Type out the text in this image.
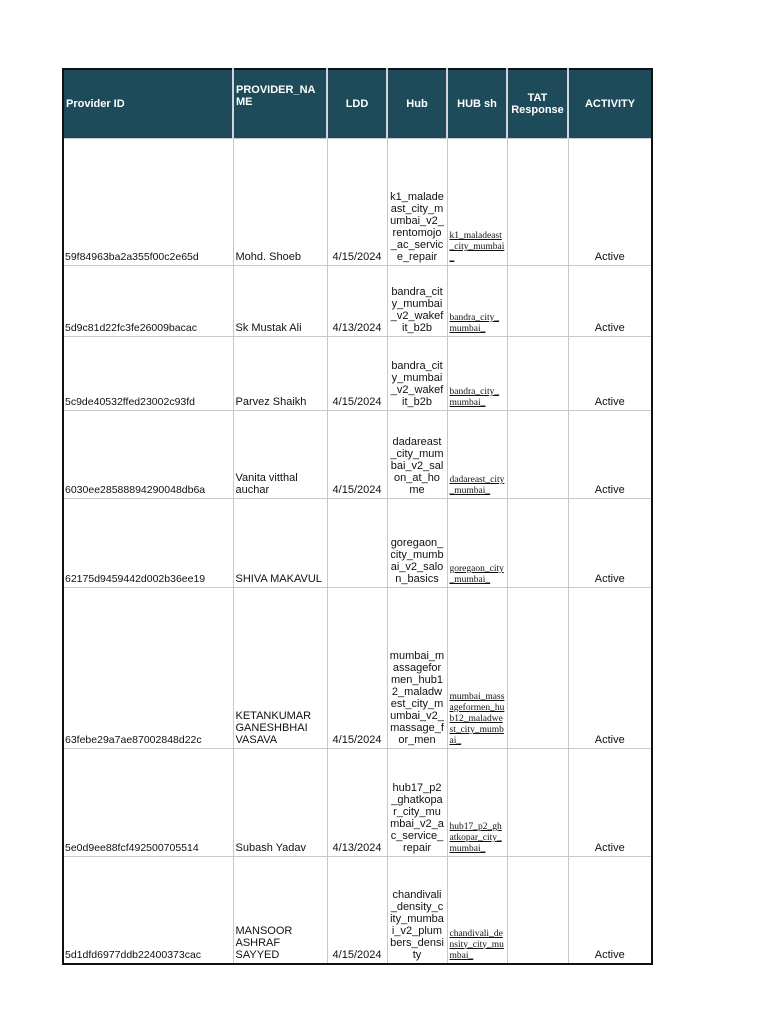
Provider ID	PROVIDER_NAME	LDD	Hub	HUB sh	TAT Response	ACTIVITY
59f84963ba2a355f00c2e65d	Mohd. Shoeb	4/15/2024	k1_maladeast_city_mumbai_v2_rentomojo_ac_service_repair	k1_maladeast_city_mumbai_		Active
5d9c81d22fc3fe26009bacac	Sk Mustak Ali	4/13/2024	bandra_city_mumbai_v2_wakefit_b2b	bandra_city_mumbai_		Active
5c9de40532ffed23002c93fd	Parvez Shaikh	4/15/2024	bandra_city_mumbai_v2_wakefit_b2b	bandra_city_mumbai_		Active
6030ee28588894290048db6a	Vanita vitthal auchar	4/15/2024	dadareast_city_mumbai_v2_salon_at_home	dadareast_city_mumbai_		Active
62175d9459442d002b36ee19	SHIVA MAKAVUL		goregaon_city_mumbai_v2_salon_basics	goregaon_city_mumbai_		Active
63febe29a7ae87002848d22c	KETANKUMAR GANESHBHAI VASAVA	4/15/2024	mumbai_massageformen_hub12_maladwest_city_mumbai_v2_massage_for_men	mumbai_massageformen_hub12_maladwest_city_mumbai_		Active
5e0d9ee88fcf492500705514	Subash Yadav	4/13/2024	hub17_p2_ghatkopar_city_mumbai_v2_ac_service_repair	hub17_p2_ghatkopar_city_mumbai_		Active
5d1dfd6977ddb22400373cac	MANSOOR ASHRAF SAYYED	4/15/2024	chandivali_density_city_mumbai_v2_plumbers_density	chandivali_density_city_mumbai_		Active
